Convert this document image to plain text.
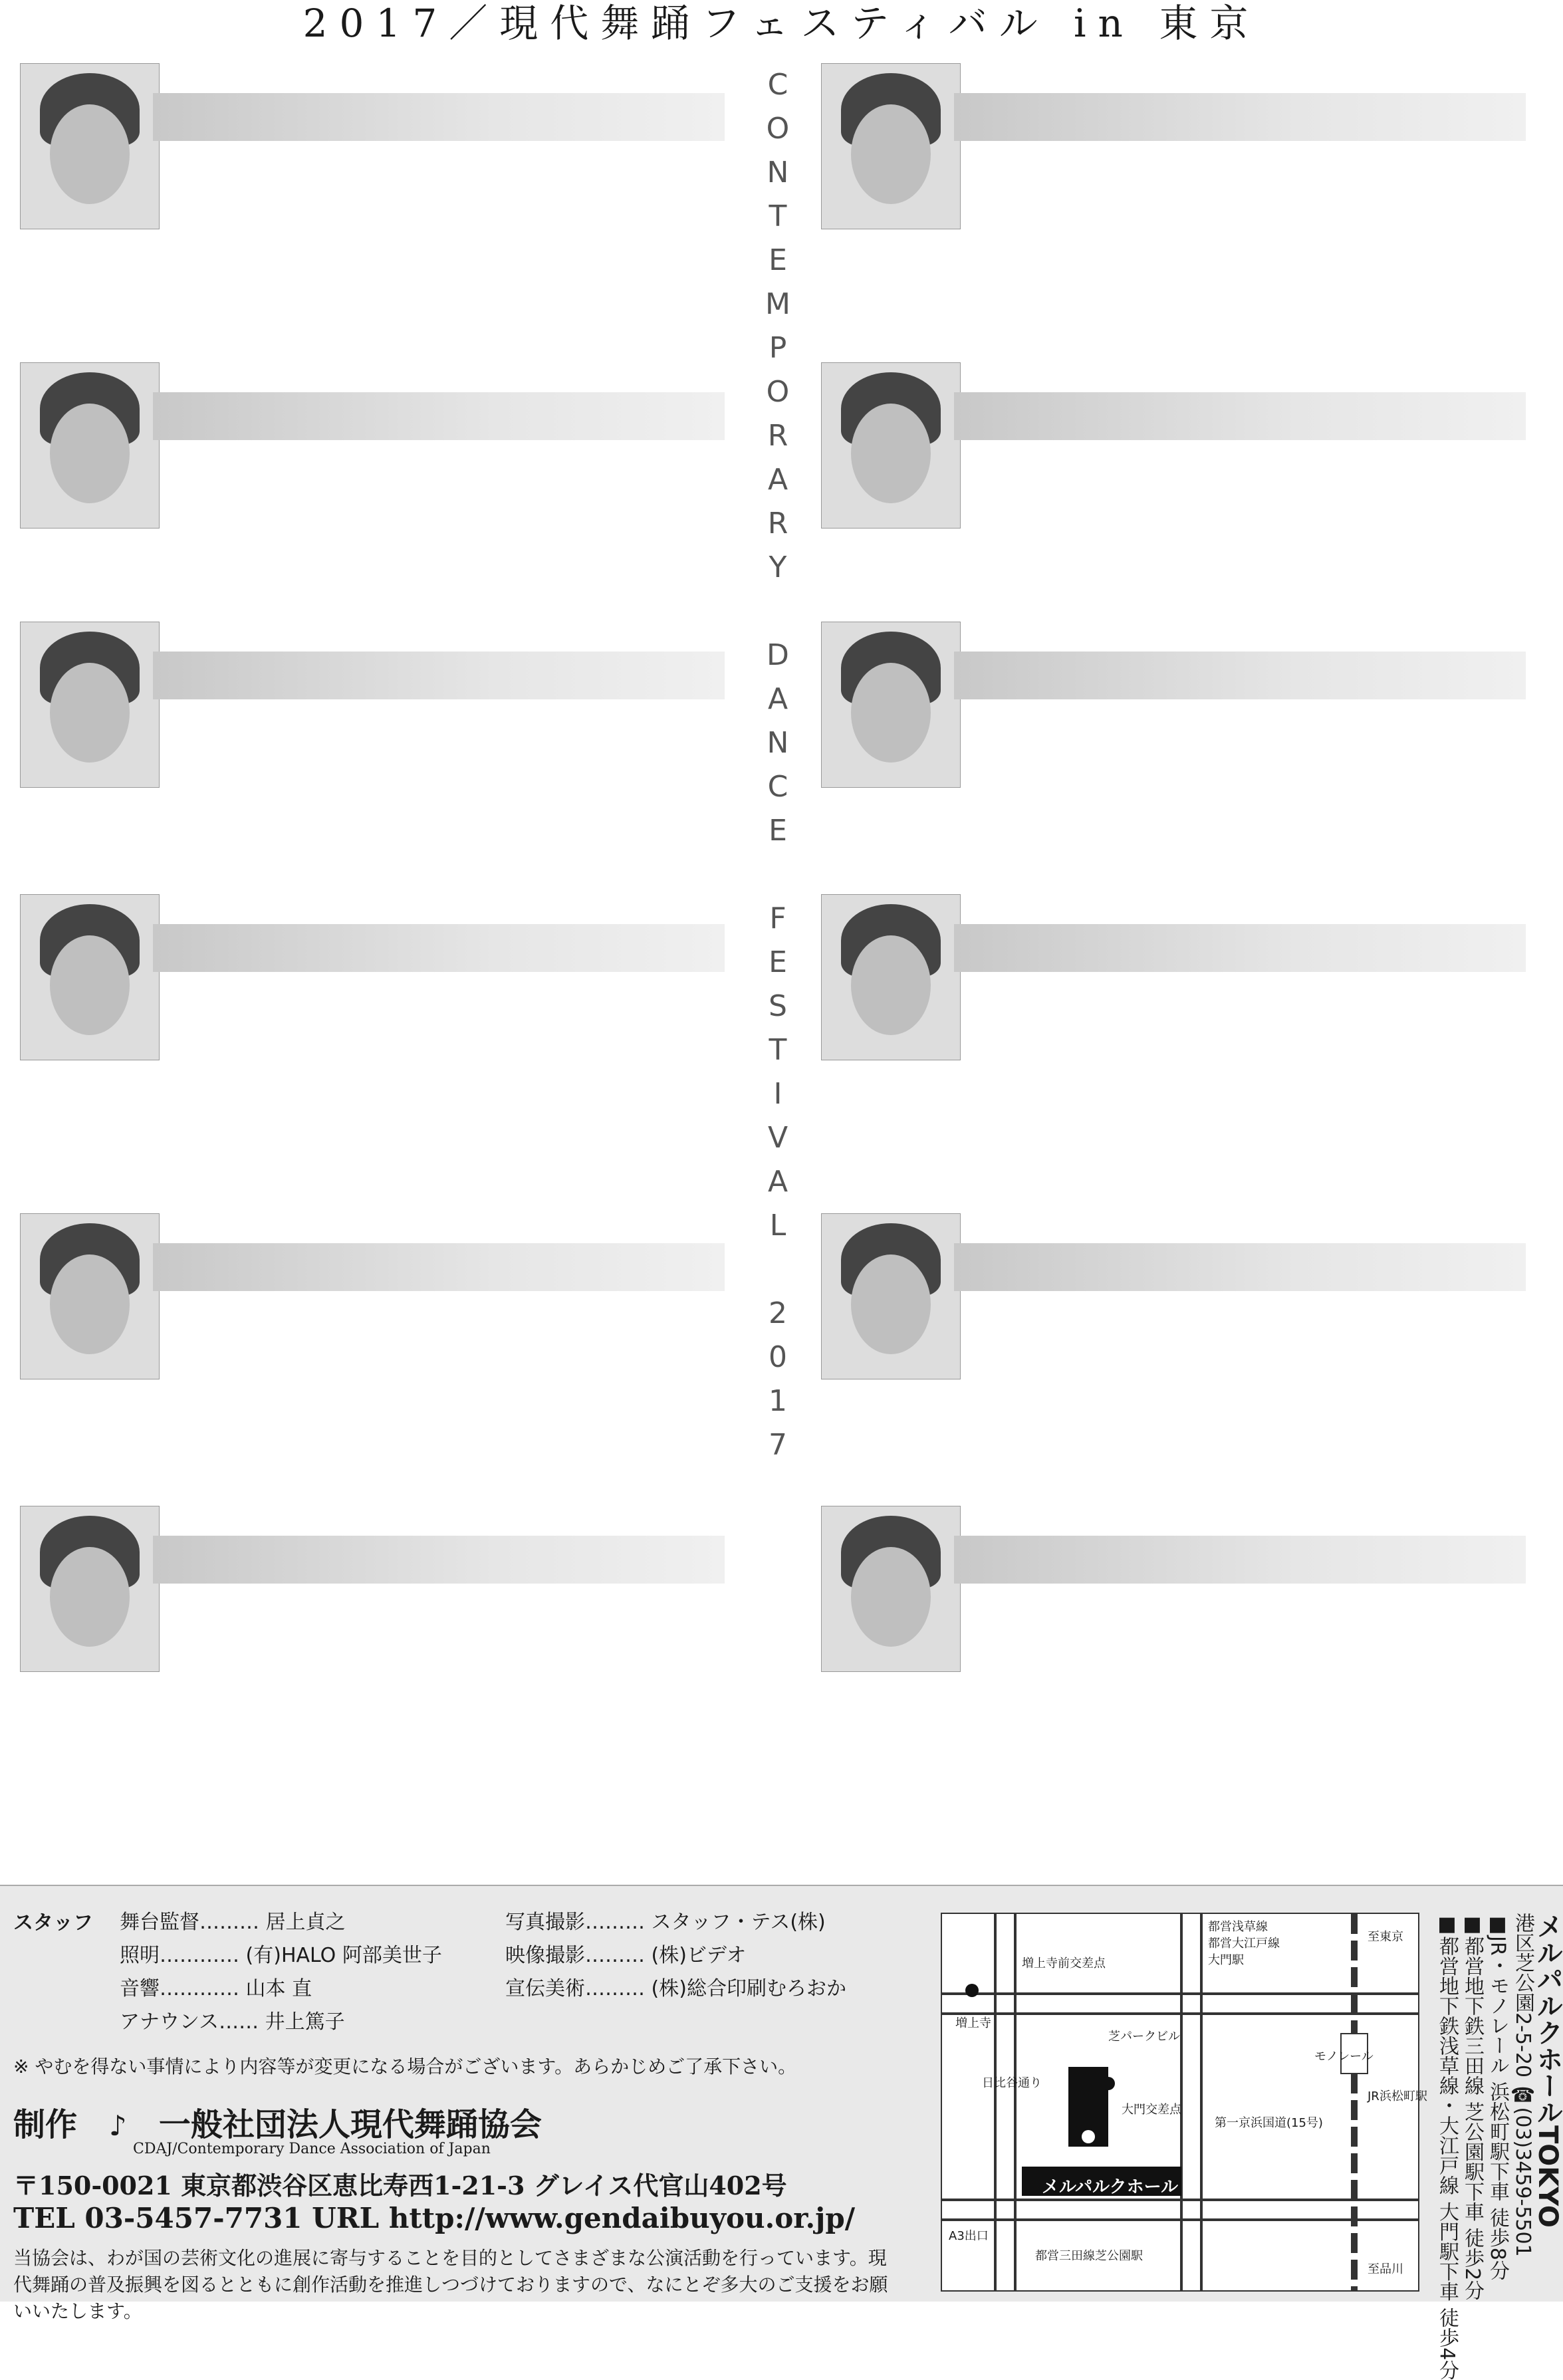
2017／現代舞踊フェスティバル in 東京
C
O
N
T
E
M
P
O
R
A
R
Y
D
A
N
C
E
F
E
S
T
I
V
A
L
2
0
1
7
スタッフ 舞台監督……… 居上貞之
照明………… (有)HALO 阿部美世子
音響………… 山本 直
アナウンス…… 井上篤子
写真撮影……… スタッフ・テス(株)
映像撮影……… (株)ビデオ
宣伝美術……… (株)総合印刷むろおか
※ やむを得ない事情により内容等が変更になる場合がございます。あらかじめご了承下さい。
制作　 ♪　 一般社団法人現代舞踊協会
CDAJ/Contemporary Dance Association of Japan
〒150-0021 東京都渋谷区恵比寿西1-21-3 グレイス代官山402号
TEL 03-5457-7731 URL http://www.gendaibuyou.or.jp/
当協会は、わが国の芸術文化の進展に寄与することを目的としてさまざまな公演活動を行っています。現代舞踊の普及振興を図るとともに創作活動を推進しつづけておりますので、なにとぞ多大のご支援をお願いいたします。
都営浅草線
都営大江戸線
大門駅
増上寺前交差点
増上寺
芝パークビル
大門交差点
第一京浜国道(15号)
JR浜松町駅
日比谷通り
A3出口
都営三田線芝公園駅
メルパルクホール
至東京
至品川
モノレール	メルパルクホールTOKYO
港区芝公園2-5-20 ☎(03)3459-5501
■JR・モノレール 浜松町駅下車 徒歩8分
■都営地下鉄三田線 芝公園駅下車 徒歩2分
■都営地下鉄浅草線・大江戸線 大門駅下車 徒歩4分
